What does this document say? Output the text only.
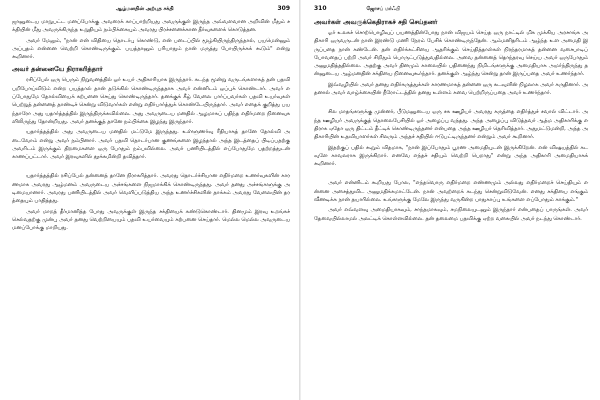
ஆழ்மனதின் அற்புத சக்தி	309

ஜானுடைய மாறுபட்ட மனப்போக்கு அவரைக் காப்பாற்றியது அவருக்குள் இருந்த அவ்வளவான அறிவின் மீதும் சக்தியின் மீது அவருக்கிருந்த உறுதியும் நம்பிக்கையும் அவரது பிரச்சனைக்கான தீர்வுகளைக் கொடுத்தன.

அவர் மேலும், "நான் என் விதியை தொடர்பு கொண்டு, என் படைப்பில் மூழ்கியிருந்திருந்தால், பயமென்னும் அப்புதம் என்னை வெற்றி கொண்டிருக்கும். பயத்தானும் பரியாதும் நான் மருத்து போயிருக்கக் கூடும்" என்று கூறினார்.

அவர் தன்னையே நிராகரித்தார்

ரசிப்பேல் ஒரு பெரும் நிறுவனத்தில் ஓர் உயர் அதிகாரியாக இருந்தார். கடந்த மூன்று வருடங்களாகத் தன் பதவி பறிபோய்விடும் என்ற பயத்தால் தான் தடுக்கில் கொண்டிருந்ததாக அவர் என்னிடம் ஒப்புக் கொண்டார். அவர் எப்போதுமே தோல்வியைக் கற்பனை செய்து கொண்டிருந்தார். தனக்குக் கீழ் வேலை பார்ப்பவர்கள் பதவி உயர்வுகள் பெற்றுத் தன்னைத் தாண்டிச் சென்று விடுவார்கள் என்று எதிர்பார்த்துக் கொண்டேயிருந்தார். அவர் எதைக் குறித்து பயந்தாரோ அது யதார்த்தத்தில் இருந்திருக்கவில்லை. அது அவருடைய மனதில் ஆழமாகப் பதிந்த எதிர்மறை நினைவுகளிலிருந்து தோன்றியது. அவர் தனக்குத் தானே நம்பிக்கை இழந்து இருந்தார்.

யதார்த்தத்தில் அது அவருடைய மனதில் மட்டுமே இருந்தது. உள்ளுணர்வு ரீதியாகத் தானே தோல்வி அடைவோம் என்று அவர் நம்பினார். அவர் பதவி தொடர்பான குணங்களை இழந்தால் அந்த இடத்தைப் பிடிப்பதற்கு அவரிடம் இருக்கும் திறமைகளை ஒரு போதும் நம்பவில்லை. அவர் பணியிடத்தில் எப்போதுமே பதற்றத்துடன் காணப்பட்டார். அவர் இரவுகளில் தூக்கமின்றி தவித்தார்.

யதார்த்தத்தில் ரசிப்பேல் தன்னைத் தானே நிராகரித்தார். அவரது தொடர்ச்சியான எதிர்மறை உணர்வுகளின் காரணமாக அவரது ஆழ்மனம் அவருடைய அச்சங்களை நிஜமாக்கிக் கொண்டிருந்தது. அவர் தனது அச்சங்களுக்கு அடிமையானார். அவரது பணியிடத்தில் அவர் வெளிப்படுத்திய அந்த உணர்ச்சிகளின் தாக்கம் அவரது வேலையின் தரத்தையும் பாதித்தது.

அவர் மாறத் தீர்மானித்த போது அவருக்குள் இருந்த சக்தியைக் கண்டுகொண்டார். தினமும் இரவு உறங்கச் செல்வதற்கு முன்பு அவர் தனது வெற்றியையும் பதவி உயர்வையும் கற்பனை செய்தார். மெல்ல மெல்ல அவருடைய மனப்போக்கு மாறியது.

310	ஜோசப் மர்ஃபி
அவர்கள் அவருக்கெதிராகச் சதி செய்தனர்

ஓர் உலகச் சொற்பொழிவுப் பயணத்தின்போது நான் விஜயம் செய்த ஒரு நாட்டில் மிக முக்கிய அரசாங்க அதிகாரி ஒருவருடன் நான் இரண்டு மணி நேரம் பேசிக் கொண்டிருந்தேன். ஆம்மனிதரிடம் ஆழ்ந்த உள அமைதி இருப்பதை நான் கண்டேன். தன் எதிர்க்கட்சியை ஆதரிக்கும் செய்தித்தாள்கள் நிரந்தரமாகத் தன்னை வசைபாடிப் போவதைப் பற்றி அவர் சிறிதும் பொருட்படுத்துவதில்லை. அவை தன்னைத் தொந்தரவு செய்ய அவர் ஒருபோதும் அனுமதித்ததில்லை. அதற்கு அவர் தினமும் காலையில் பதினைந்து நிமிடங்களுக்கு அமைதியாக அமர்ந்திருந்து தன்னுடைய ஆழ்மனதின் சக்தியை நினைவுகூர்ந்தார். தனக்குள் ஆழ்ந்து சென்று தான் இருப்பதை அவர் உணர்ந்தார்.

இவ்வழியில் அவர் தனது எதிர்கருத்துக்கள் காரணமாகத் தன்னை ஒரு கடவுளின் நிழலாக அவர் கருதினார். அதனால் அவர் வாழ்க்கையின் நீரோட்டத்தில் தனது உள்ளம் சுவை பெற்றிருப்பதை அவர் உணர்ந்தார்.

சில மாதங்களுக்கு முன்னர், பீடுமனுடைய ஒரு சக ஊழியர் அவரது கருத்தை எதிர்த்துச் சவால் விட்டார். அந்த ஊழியர் அவருக்குத் தொலைபேசியில் ஓர் அழைப்பு வந்தது. அந்த அழைப்பு விடுத்தவர் ஆத்ம அதிகாரிக்கு எதிராக ஏதோ ஒரு திட்டம் தீட்டிக் கொண்டிருந்தனர் என்பதை அந்த ஊழியர் தெரிவித்தார். அதுமட்டுமன்றி, அந்த அதிகாரியின் உதவியாளர்கள் சிலரும் அந்தச் சதியில் ஈடுபட்டிருந்தனர் என்றும் அவர் கூறினார்.

இதற்குப் பதில் கூறும் விதமாக, "நான் இப்போதும் பூரண அமைதியுடன் இருக்கிறேன். என் விஷயத்தில் கடவுளே காவலராக இருக்கிறார். எனவே எந்தச் சதியும் வெற்றி பெறாது" என்று அந்த அதிகாரி அமைதியாகக் கூறினார்.

அவர் என்னிடம் கூறியது போல, "எந்தவொரு எதிர்மறை எண்ணமும் அல்லது எதிர்மறைச் செய்தியும் என்னை அசைத்துவிட அனுமதிக்கமாட்டேன். நான் அவற்றைக் கடந்து சென்றுவிடுவேன். எனது சக்தியை எங்கும் வீணடிக்க நான் தயாரில்லை. உங்களுக்கு மேலே இருந்து வருகின்ற பாதுகாப்பு உங்களை எப்போதும் காக்கும்."

அவர் எவ்வளவு அமைதியாகவும், சாந்தமாகவும், சமநிலையுடனும் இருந்தார் என்பதைப் பாருங்கள். அவர் தேவையில்லாமல் அலட்டிக் கொள்ளவில்லை. தன் தலைமை பதவிக்கு ஏற்ற வகையில் அவர் நடந்து கொண்டார்.
